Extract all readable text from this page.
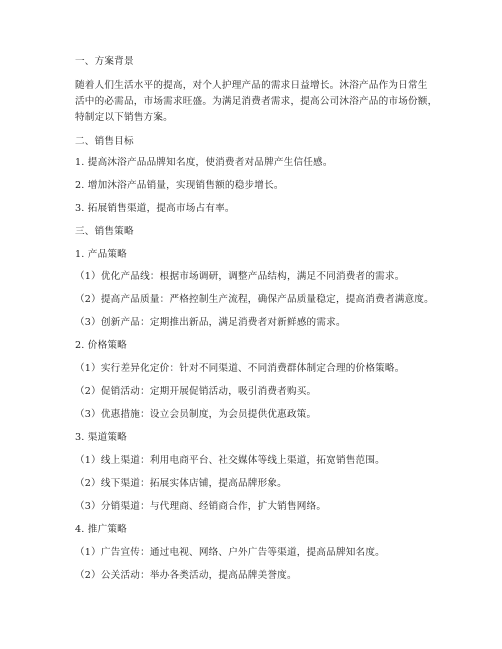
一、方案背景
随着人们生活水平的提高，对个人护理产品的需求日益增长。沐浴产品作为日常生
活中的必需品，市场需求旺盛。为满足消费者需求，提高公司沐浴产品的市场份额，
特制定以下销售方案。
二、销售目标
1. 提高沐浴产品品牌知名度，使消费者对品牌产生信任感。
2. 增加沐浴产品销量，实现销售额的稳步增长。
3. 拓展销售渠道，提高市场占有率。
三、销售策略
1. 产品策略
（1）优化产品线：根据市场调研，调整产品结构，满足不同消费者的需求。
（2）提高产品质量：严格控制生产流程，确保产品质量稳定，提高消费者满意度。
（3）创新产品：定期推出新品，满足消费者对新鲜感的需求。
2. 价格策略
（1）实行差异化定价：针对不同渠道、不同消费群体制定合理的价格策略。
（2）促销活动：定期开展促销活动，吸引消费者购买。
（3）优惠措施：设立会员制度，为会员提供优惠政策。
3. 渠道策略
（1）线上渠道：利用电商平台、社交媒体等线上渠道，拓宽销售范围。
（2）线下渠道：拓展实体店铺，提高品牌形象。
（3）分销渠道：与代理商、经销商合作，扩大销售网络。
4. 推广策略
（1）广告宣传：通过电视、网络、户外广告等渠道，提高品牌知名度。
（2）公关活动：举办各类活动，提高品牌美誉度。
